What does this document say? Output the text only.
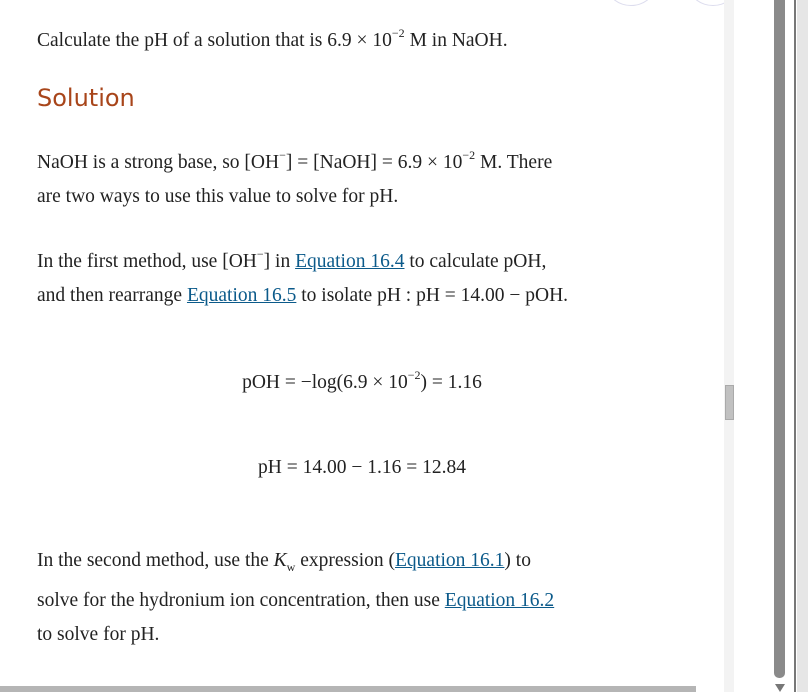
Calculate the pH of a solution that is $6.9 \times 10^{-2}$ M in NaOH.
Solution
NaOH is a strong base, so [OH−] = [NaOH] = $6.9 \times 10^{-2}$ M. There
are two ways to use this value to solve for pH.
In the first method, use [OH−] in Equation 16.4 to calculate pOH,
and then rearrange Equation 16.5 to isolate pH : pH = 14.00 − pOH.
pOH = $-\log(6.9 \times 10^{-2}) = 1.16$
pH = 14.00 − 1.16 = 12.84
In the second method, use the $K_w$ expression (Equation 16.1) to
solve for the hydronium ion concentration, then use Equation 16.2
to solve for pH.
